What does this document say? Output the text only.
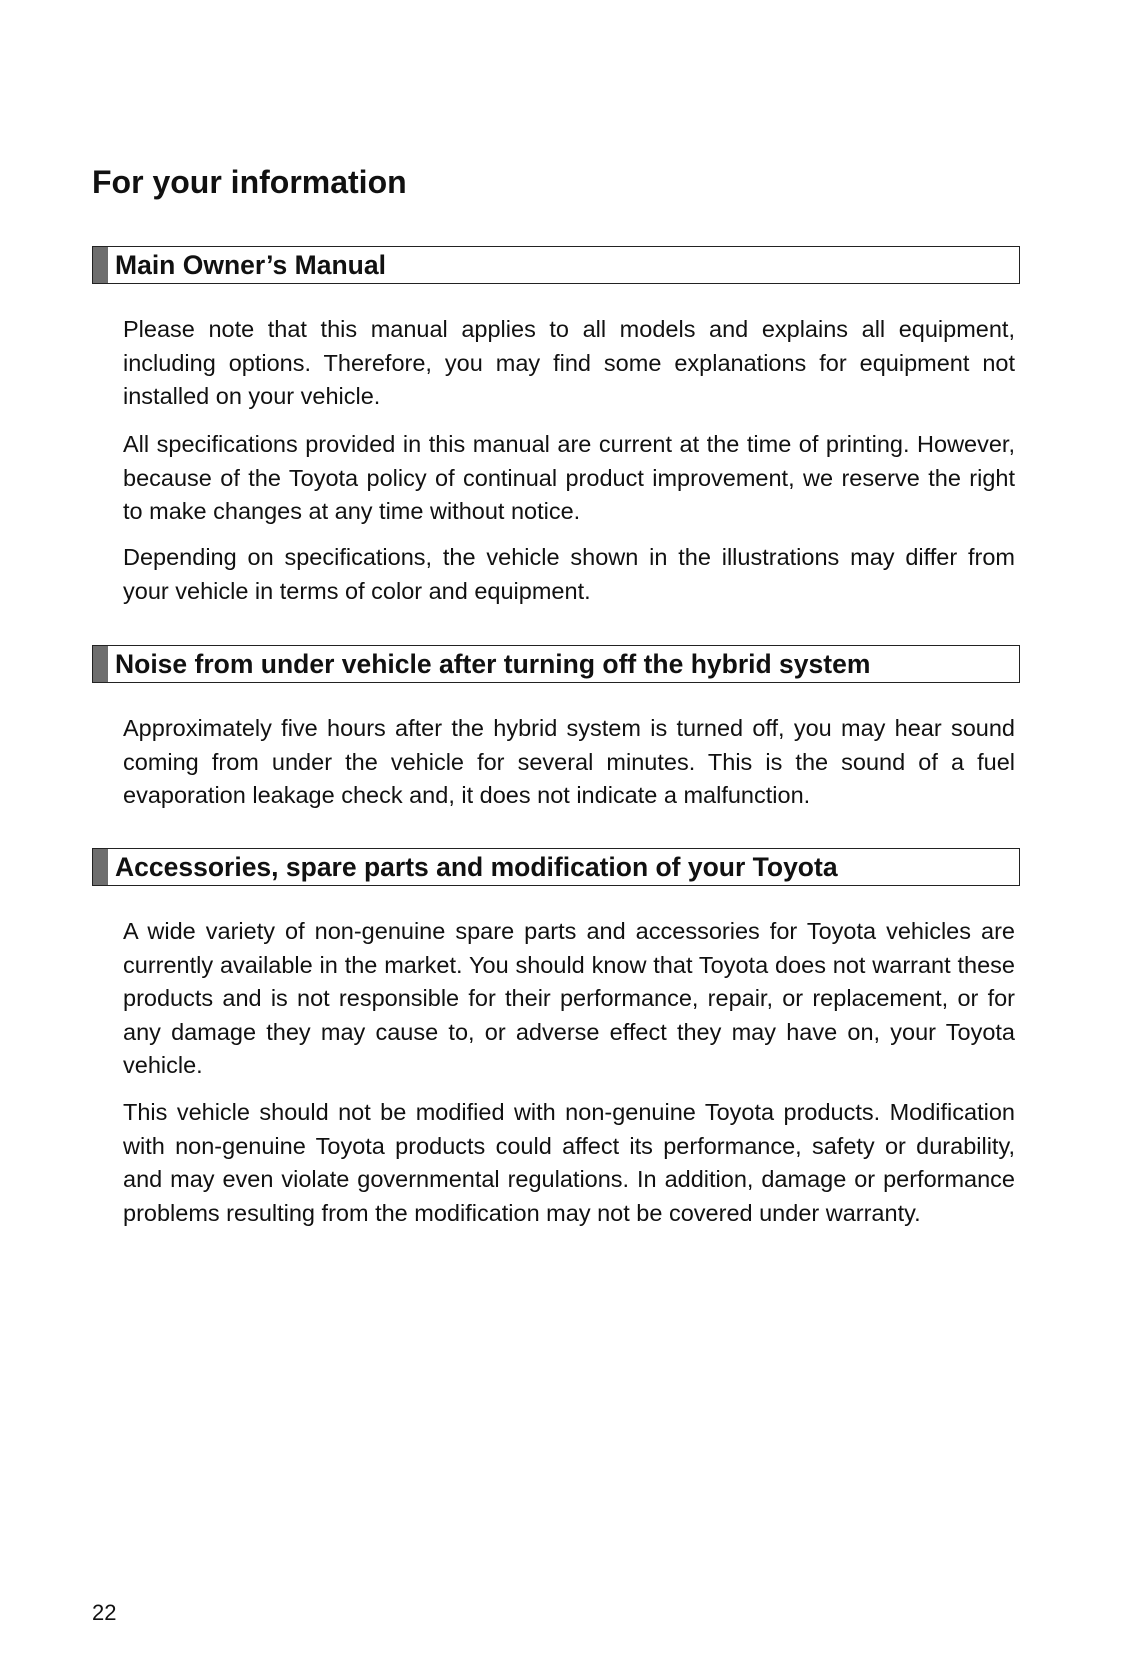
For your information
Main Owner’s Manual

Please note that this manual applies to all models and explains all equipment, including options. Therefore, you may find some explanations for equipment not installed on your vehicle.

All specifications provided in this manual are current at the time of printing. However, because of the Toyota policy of continual product improvement, we reserve the right to make changes at any time without notice.

Depending on specifications, the vehicle shown in the illustrations may differ from your vehicle in terms of color and equipment.

Noise from under vehicle after turning off the hybrid system

Approximately five hours after the hybrid system is turned off, you may hear sound coming from under the vehicle for several minutes. This is the sound of a fuel evaporation leakage check and, it does not indicate a malfunction.

Accessories, spare parts and modification of your Toyota

A wide variety of non-genuine spare parts and accessories for Toyota vehicles are currently available in the market. You should know that Toyota does not warrant these products and is not responsible for their performance, repair, or replacement, or for any damage they may cause to, or adverse effect they may have on, your Toyota vehicle.

This vehicle should not be modified with non-genuine Toyota products. Modification with non-genuine Toyota products could affect its performance, safety or durability, and may even violate governmental regulations. In addition, damage or performance problems resulting from the modification may not be covered under warranty.

22
